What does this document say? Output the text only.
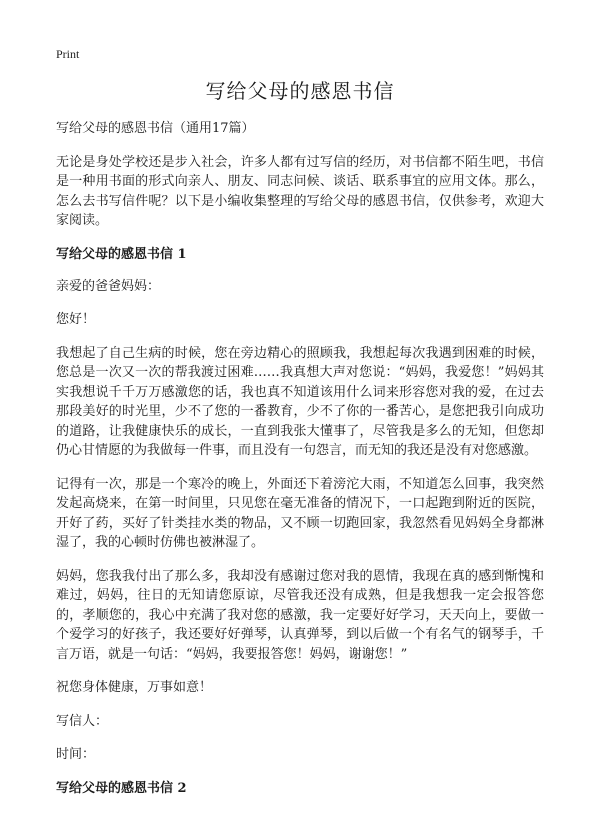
Print
写给父母的感恩书信

写给父母的感恩书信（通用17篇）

无论是身处学校还是步入社会，许多人都有过写信的经历，对书信都不陌生吧，书信是一种用书面的形式向亲人、朋友、同志问候、谈话、联系事宜的应用文体。那么，怎么去书写信件呢？以下是小编收集整理的写给父母的感恩书信，仅供参考，欢迎大家阅读。

写给父母的感恩书信 1

亲爱的爸爸妈妈：

您好！

我想起了自己生病的时候，您在旁边精心的照顾我，我想起每次我遇到困难的时候，您总是一次又一次的帮我渡过困难……我真想大声对您说：“妈妈，我爱您！”妈妈其实我想说千千万万感激您的话，我也真不知道该用什么词来形容您对我的爱，在过去那段美好的时光里，少不了您的一番教育，少不了你的一番苦心，是您把我引向成功的道路，让我健康快乐的成长，一直到我张大懂事了，尽管我是多么的无知，但您却仍心甘情愿的为我做每一件事，而且没有一句怨言，而无知的我还是没有对您感激。

记得有一次，那是一个寒冷的晚上，外面还下着滂沱大雨，不知道怎么回事，我突然发起高烧来，在第一时间里，只见您在毫无准备的情况下，一口起跑到附近的医院，开好了药，买好了针类挂水类的物品，又不顾一切跑回家，我忽然看见妈妈全身都淋湿了，我的心顿时仿佛也被淋湿了。

妈妈，您我我付出了那么多，我却没有感谢过您对我的恩情，我现在真的感到惭愧和难过，妈妈，往日的无知请您原谅，尽管我还没有成熟，但是我想我一定会报答您的，孝顺您的，我心中充满了我对您的感激，我一定要好好学习，天天向上，要做一个爱学习的好孩子，我还要好好弹琴，认真弹琴，到以后做一个有名气的钢琴手，千言万语，就是一句话：“妈妈，我要报答您！妈妈，谢谢您！”

祝您身体健康，万事如意！

写信人：

时间：

写给父母的感恩书信 2
